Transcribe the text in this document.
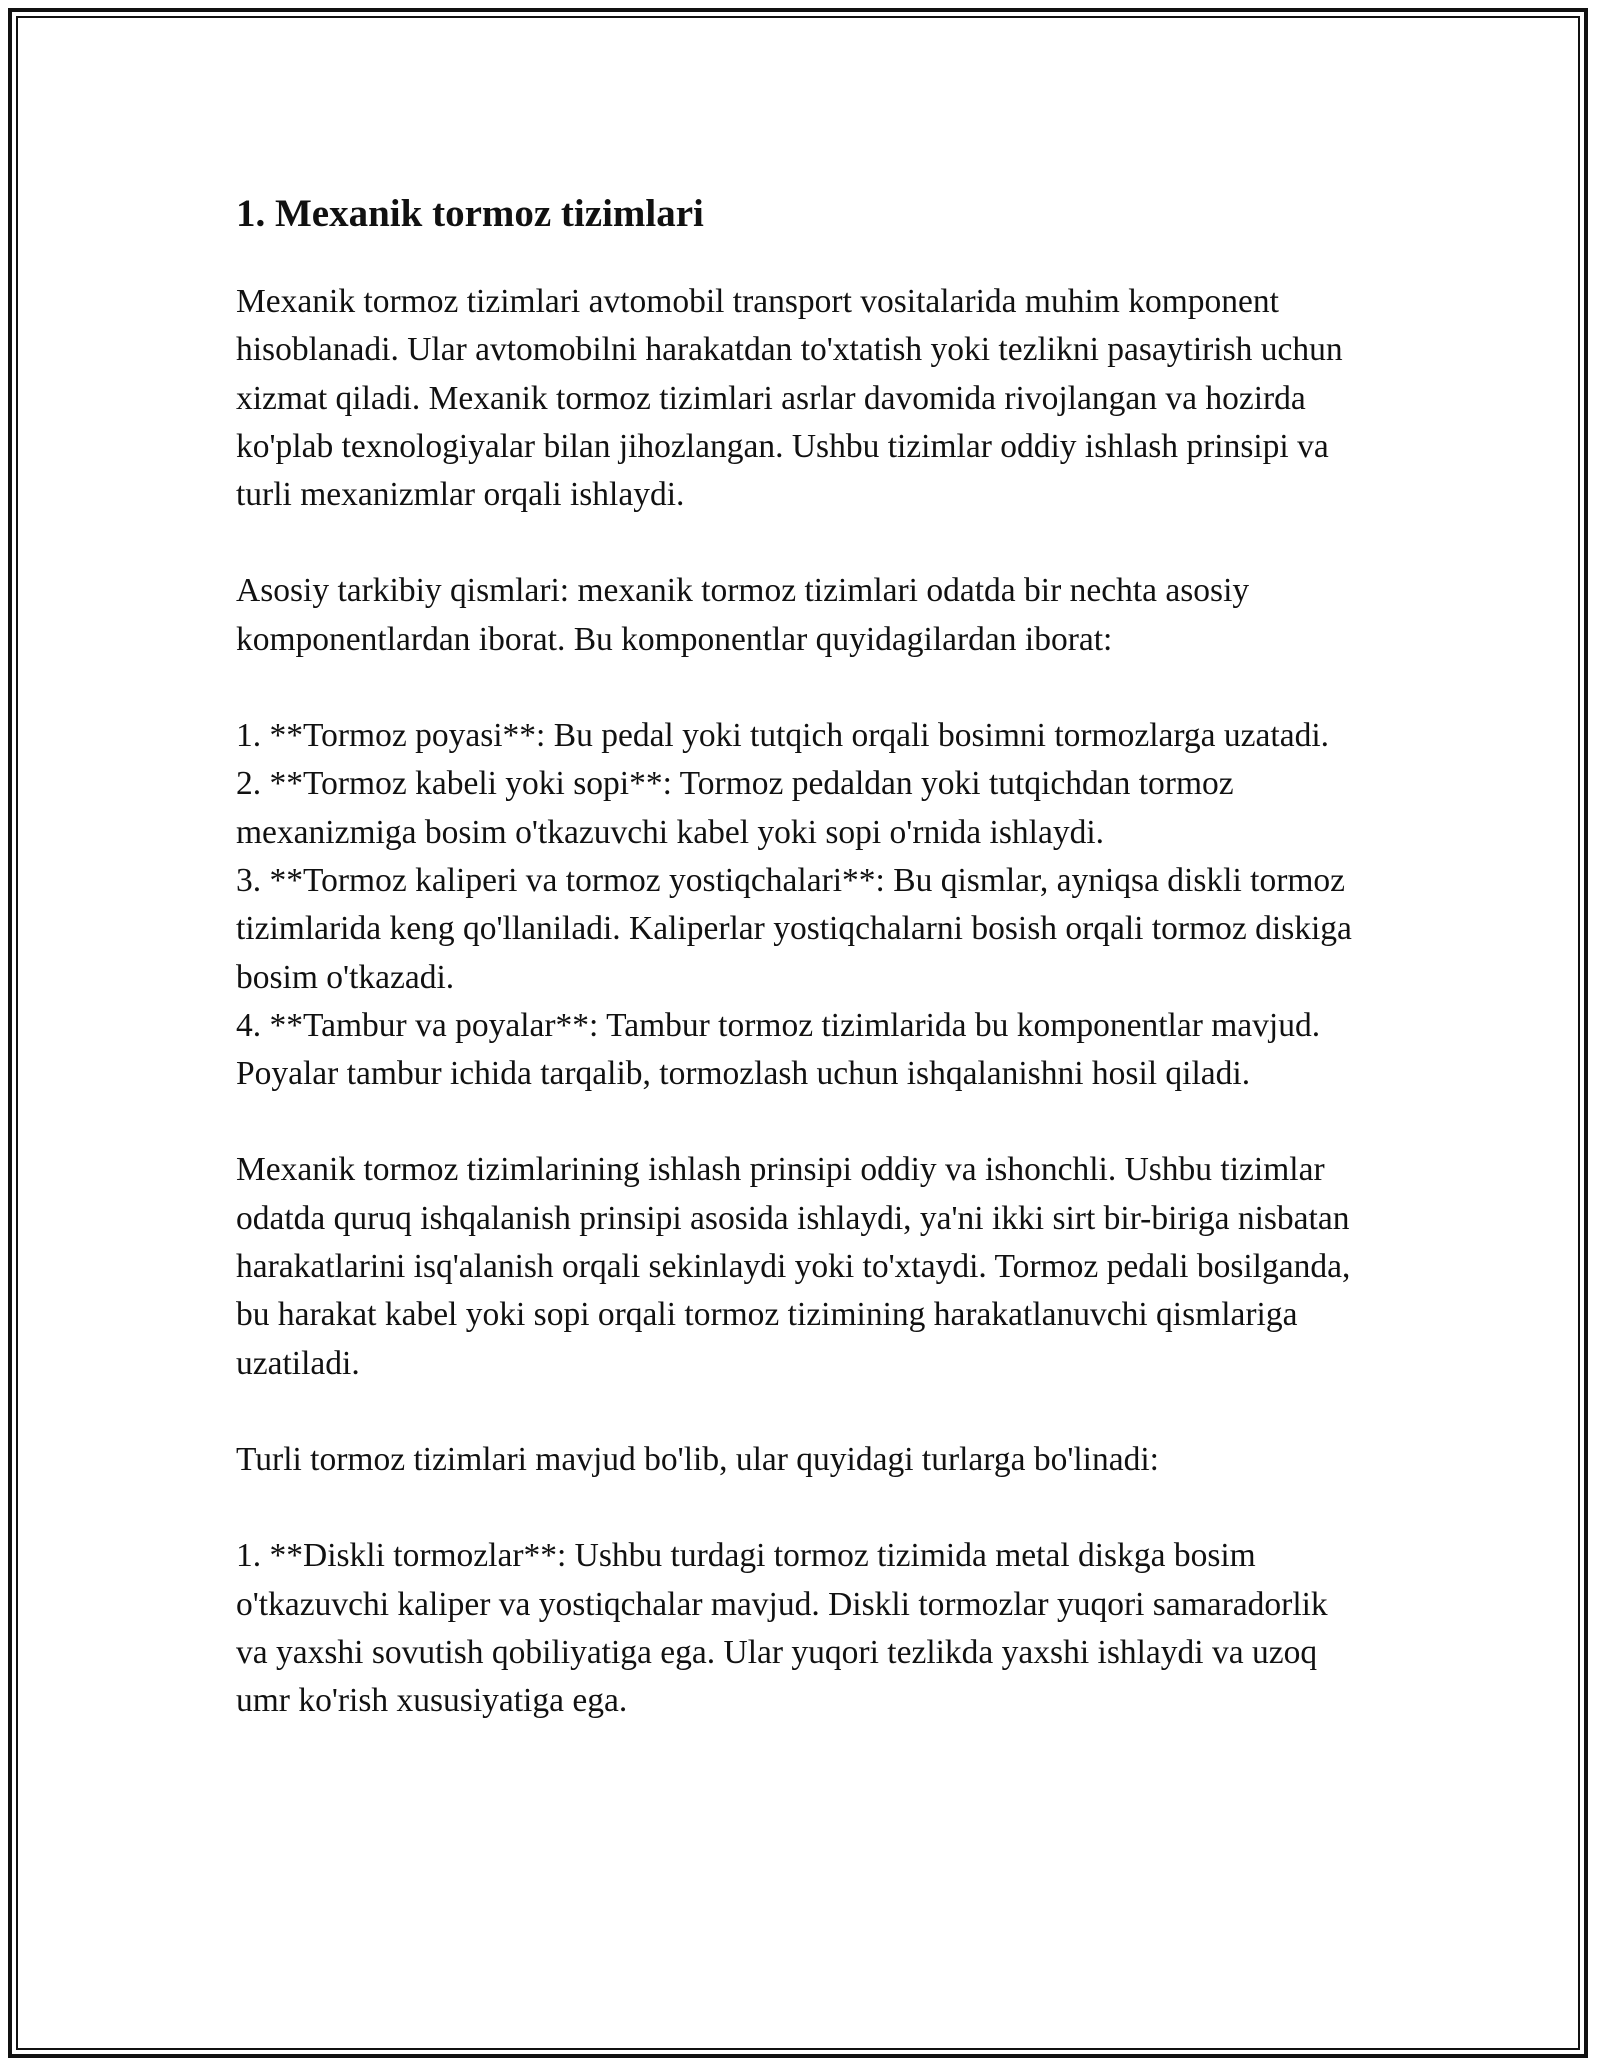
1. Mexanik tormoz tizimlari

Mexanik tormoz tizimlari avtomobil transport vositalarida muhim komponent hisoblanadi. Ular avtomobilni harakatdan to'xtatish yoki tezlikni pasaytirish uchun xizmat qiladi. Mexanik tormoz tizimlari asrlar davomida rivojlangan va hozirda ko'plab texnologiyalar bilan jihozlangan. Ushbu tizimlar oddiy ishlash prinsipi va turli mexanizmlar orqali ishlaydi.

Asosiy tarkibiy qismlari: mexanik tormoz tizimlari odatda bir nechta asosiy komponentlardan iborat. Bu komponentlar quyidagilardan iborat:

1. **Tormoz poyasi**: Bu pedal yoki tutqich orqali bosimni tormozlarga uzatadi.
2. **Tormoz kabeli yoki sopi**: Tormoz pedaldan yoki tutqichdan tormoz mexanizmiga bosim o'tkazuvchi kabel yoki sopi o'rnida ishlaydi.
3. **Tormoz kaliperi va tormoz yostiqchalari**: Bu qismlar, ayniqsa diskli tormoz tizimlarida keng qo'llaniladi. Kaliperlar yostiqchalarni bosish orqali tormoz diskiga bosim o'tkazadi.
4. **Tambur va poyalar**: Tambur tormoz tizimlarida bu komponentlar mavjud. Poyalar tambur ichida tarqalib, tormozlash uchun ishqalanishni hosil qiladi.

Mexanik tormoz tizimlarining ishlash prinsipi oddiy va ishonchli. Ushbu tizimlar odatda quruq ishqalanish prinsipi asosida ishlaydi, ya'ni ikki sirt bir-biriga nisbatan harakatlarini isq'alanish orqali sekinlaydi yoki to'xtaydi. Tormoz pedali bosilganda, bu harakat kabel yoki sopi orqali tormoz tizimining harakatlanuvchi qismlariga uzatiladi.

Turli tormoz tizimlari mavjud bo'lib, ular quyidagi turlarga bo'linadi:

1. **Diskli tormozlar**: Ushbu turdagi tormoz tizimida metal diskga bosim o'tkazuvchi kaliper va yostiqchalar mavjud. Diskli tormozlar yuqori samaradorlik va yaxshi sovutish qobiliyatiga ega. Ular yuqori tezlikda yaxshi ishlaydi va uzoq umr ko'rish xususiyatiga ega.
